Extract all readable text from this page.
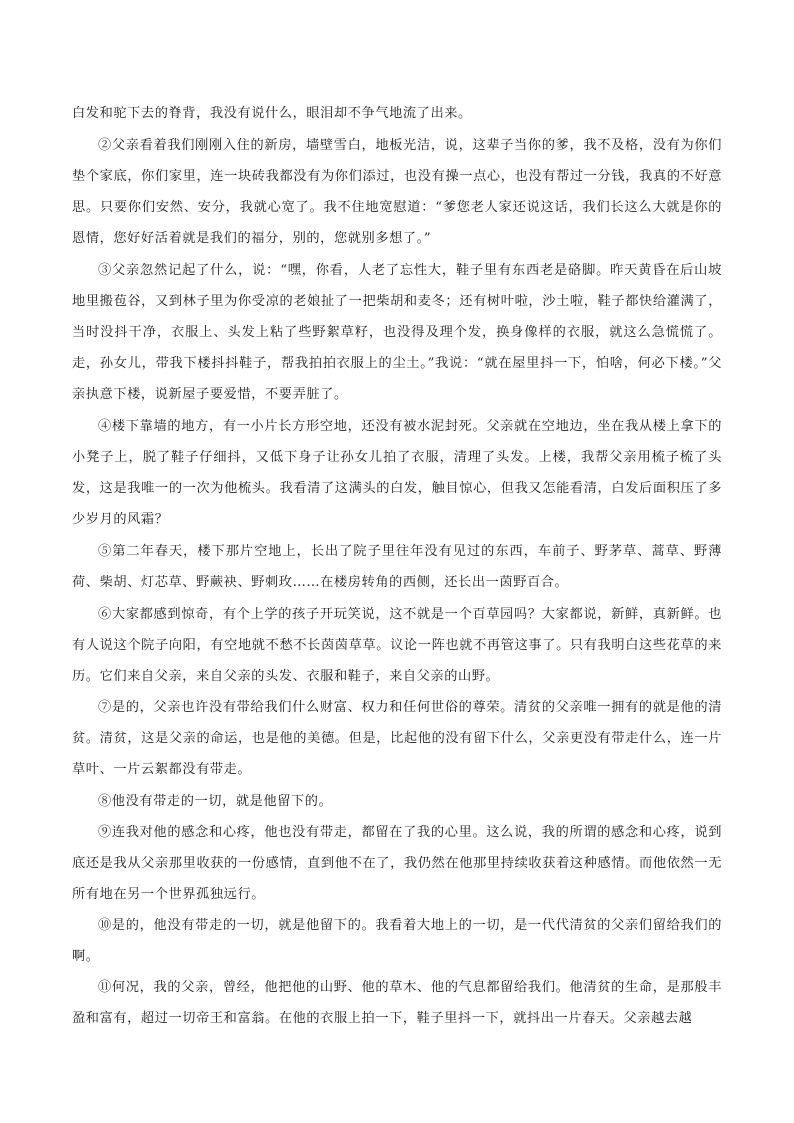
白发和驼下去的脊背，我没有说什么，眼泪却不争气地流了出来。

②父亲看着我们刚刚入住的新房，墙壁雪白，地板光洁，说，这辈子当你的爹，我不及格，没有为你们垫个家底，你们家里，连一块砖我都没有为你们添过，也没有操一点心，也没有帮过一分钱，我真的不好意思。只要你们安然、安分，我就心宽了。我不住地宽慰道：“爹您老人家还说这话，我们长这么大就是你的恩情，您好好活着就是我们的福分，别的，您就别多想了。”

③父亲忽然记起了什么，说：“嘿，你看，人老了忘性大，鞋子里有东西老是硌脚。昨天黄昏在后山坡地里搬苞谷，又到林子里为你受凉的老娘扯了一把柴胡和麦冬；还有树叶啦，沙土啦，鞋子都快给灌满了，当时没抖干净，衣服上、头发上粘了些野絮草籽，也没得及理个发，换身像样的衣服，就这么急慌慌了。走，孙女儿，带我下楼抖抖鞋子，帮我拍拍衣服上的尘土。”我说：“就在屋里抖一下，怕啥，何必下楼。”父亲执意下楼，说新屋子要爱惜，不要弄脏了。

④楼下靠墙的地方，有一小片长方形空地，还没有被水泥封死。父亲就在空地边，坐在我从楼上拿下的小凳子上，脱了鞋子仔细抖，又低下身子让孙女儿拍了衣服，清理了头发。上楼，我帮父亲用梳子梳了头发，这是我唯一的一次为他梳头。我看清了这满头的白发，触目惊心，但我又怎能看清，白发后面积压了多少岁月的风霜？

⑤第二年春天，楼下那片空地上，长出了院子里往年没有见过的东西，车前子、野茅草、蒿草、野薄荷、柴胡、灯芯草、野蕨袂、野刺玫……在楼房转角的西侧，还长出一茵野百合。

⑥大家都感到惊奇，有个上学的孩子开玩笑说，这不就是一个百草园吗？大家都说，新鲜，真新鲜。也有人说这个院子向阳，有空地就不愁不长茵茵草草。议论一阵也就不再管这事了。只有我明白这些花草的来历。它们来自父亲，来自父亲的头发、衣服和鞋子，来自父亲的山野。

⑦是的，父亲也许没有带给我们什么财富、权力和任何世俗的尊荣。清贫的父亲唯一拥有的就是他的清贫。清贫，这是父亲的命运，也是他的美德。但是，比起他的没有留下什么，父亲更没有带走什么，连一片草叶、一片云絮都没有带走。

⑧他没有带走的一切，就是他留下的。

⑨连我对他的感念和心疼，他也没有带走，都留在了我的心里。这么说，我的所谓的感念和心疼，说到底还是我从父亲那里收获的一份感情，直到他不在了，我仍然在他那里持续收获着这种感情。而他依然一无所有地在另一个世界孤独远行。

⑩是的，他没有带走的一切，就是他留下的。我看着大地上的一切，是一代代清贫的父亲们留给我们的啊。

⑪何况，我的父亲，曾经，他把他的山野、他的草木、他的气息都留给我们。他清贫的生命，是那般丰盈和富有，超过一切帝王和富翁。在他的衣服上拍一下，鞋子里抖一下，就抖出一片春天。父亲越去越
